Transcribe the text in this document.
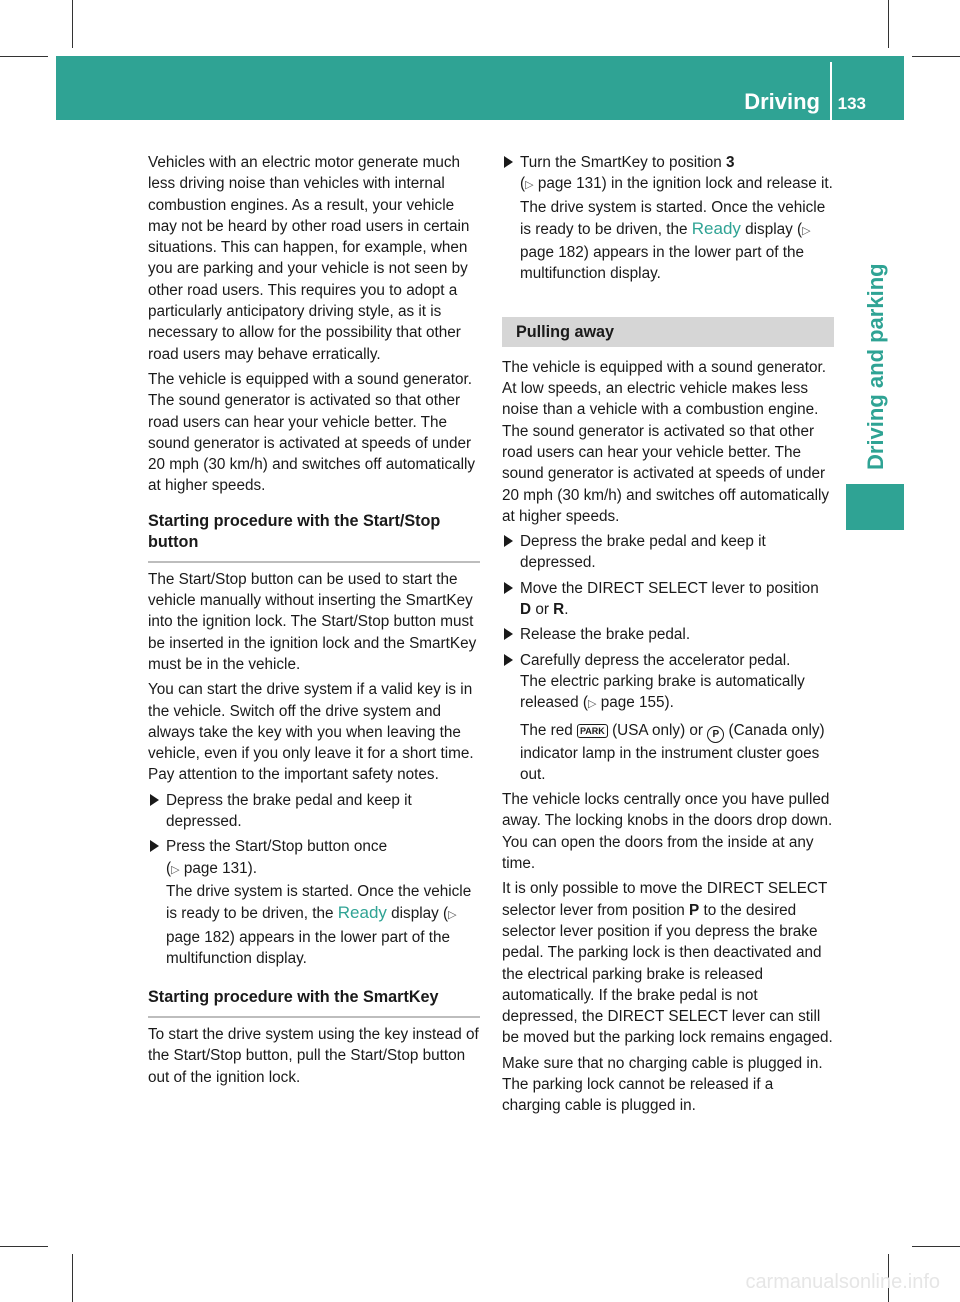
Driving 133
Driving and parking

Vehicles with an electric motor generate much less driving noise than vehicles with internal combustion engines. As a result, your vehicle may not be heard by other road users in certain situations. This can happen, for example, when you are parking and your vehicle is not seen by other road users. This requires you to adopt a particularly anticipatory driving style, as it is necessary to allow for the possibility that other road users may behave erratically.

The vehicle is equipped with a sound generator. The sound generator is activated so that other road users can hear your vehicle better. The sound generator is activated at speeds of under 20 mph (30 km/h) and switches off automatically at higher speeds.

Starting procedure with the Start/Stop button

The Start/Stop button can be used to start the vehicle manually without inserting the SmartKey into the ignition lock. The Start/Stop button must be inserted in the ignition lock and the SmartKey must be in the vehicle.

You can start the drive system if a valid key is in the vehicle. Switch off the drive system and always take the key with you when leaving the vehicle, even if you only leave it for a short time. Pay attention to the important safety notes.

Depress the brake pedal and keep it depressed.
Press the Start/Stop button once
(▷ page 131).
The drive system is started. Once the vehicle is ready to be driven, the Ready display (▷ page 182) appears in the lower part of the multifunction display.
Starting procedure with the SmartKey

To start the drive system using the key instead of the Start/Stop button, pull the Start/Stop button out of the ignition lock.

Turn the SmartKey to position 3
(▷ page 131) in the ignition lock and release it.
The drive system is started. Once the vehicle is ready to be driven, the Ready display (▷ page 182) appears in the lower part of the multifunction display.
Pulling away

The vehicle is equipped with a sound generator. At low speeds, an electric vehicle makes less noise than a vehicle with a combustion engine. The sound generator is activated so that other road users can hear your vehicle better. The sound generator is activated at speeds of under 20 mph (30 km/h) and switches off automatically at higher speeds.

Depress the brake pedal and keep it depressed.
Move the DIRECT SELECT lever to position
D or R.
Release the brake pedal.
Carefully depress the accelerator pedal.
The electric parking brake is automatically released (▷ page 155).

The red PARK (USA only) or P (Canada only) indicator lamp in the instrument cluster goes out.

The vehicle locks centrally once you have pulled away. The locking knobs in the doors drop down. You can open the doors from the inside at any time.

It is only possible to move the DIRECT SELECT selector lever from position P to the desired selector lever position if you depress the brake pedal. The parking lock is then deactivated and the electrical parking brake is released automatically. If the brake pedal is not depressed, the DIRECT SELECT lever can still be moved but the parking lock remains engaged.

Make sure that no charging cable is plugged in. The parking lock cannot be released if a charging cable is plugged in.

carmanualsonline.info
